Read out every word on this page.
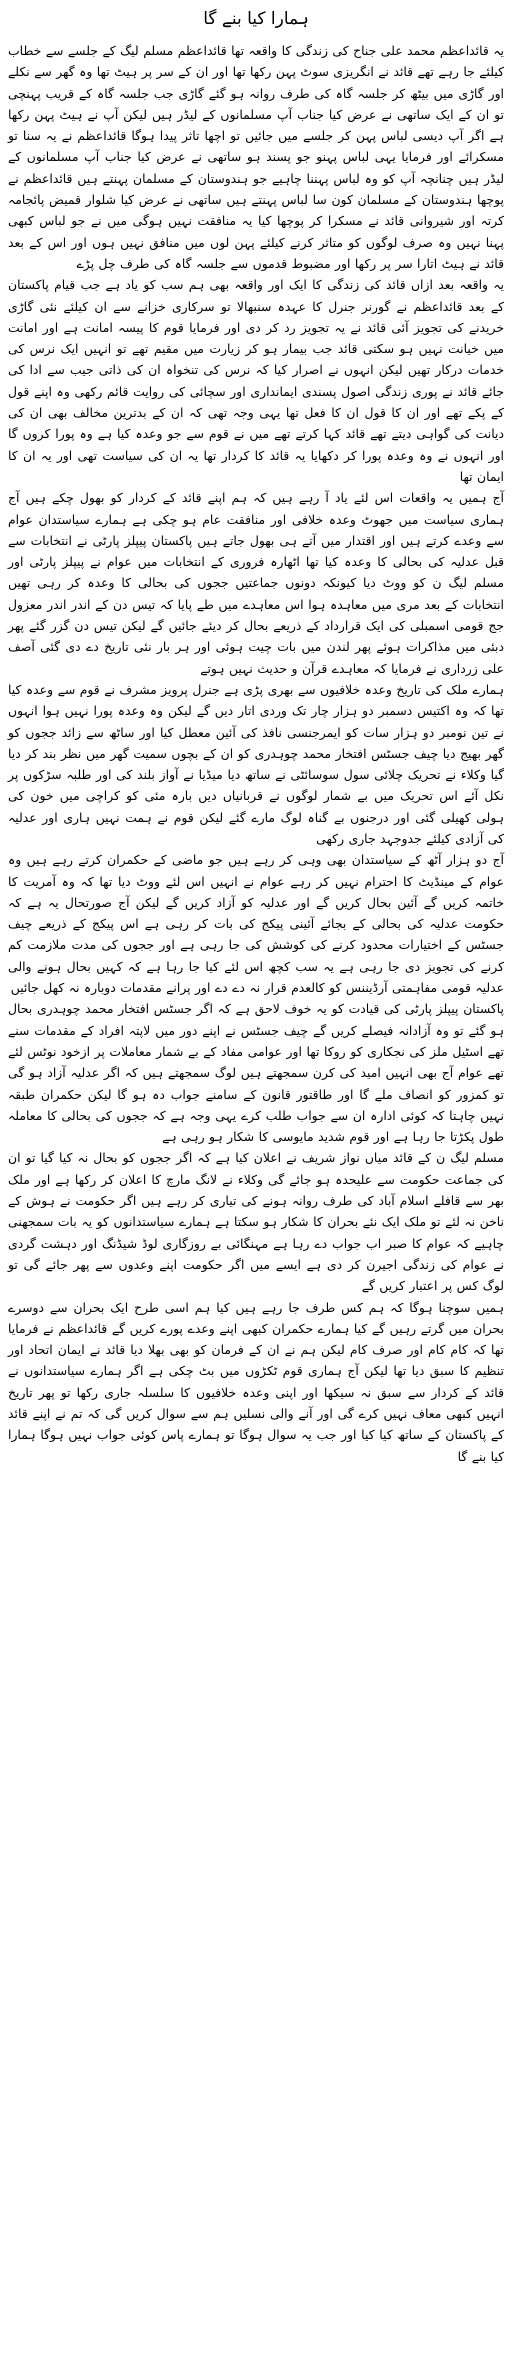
ہمارا کیا بنے گا

یہ قائداعظم محمد علی جناح کی زندگی کا واقعہ تھا قائداعظم مسلم لیگ کے جلسے سے خطاب کیلئے جا رہے تھے قائد نے انگریزی سوٹ پہن رکھا تھا اور ان کے سر پر ہیٹ تھا وہ گھر سے نکلے اور گاڑی میں بیٹھ کر جلسہ گاہ کی طرف روانہ ہو گئے گاڑی جب جلسہ گاہ کے قریب پہنچی تو ان کے ایک ساتھی نے عرض کیا جناب آپ مسلمانوں کے لیڈر ہیں لیکن آپ نے ہیٹ پہن رکھا ہے اگر آپ دیسی لباس پہن کر جلسے میں جائیں تو اچھا تاثر پیدا ہوگا قائداعظم نے یہ سنا تو مسکرائے اور فرمایا یہی لباس پہنو جو پسند ہو ساتھی نے عرض کیا جناب آپ مسلمانوں کے لیڈر ہیں چنانچہ آپ کو وہ لباس پہننا چاہیے جو ہندوستان کے مسلمان پہنتے ہیں قائداعظم نے پوچھا ہندوستان کے مسلمان کون سا لباس پہنتے ہیں ساتھی نے عرض کیا شلوار قمیض پائجامہ کرتہ اور شیروانی قائد نے مسکرا کر پوچھا کیا یہ منافقت نہیں ہوگی میں نے جو لباس کبھی پہنا نہیں وہ صرف لوگوں کو متاثر کرنے کیلئے پہن لوں میں منافق نہیں ہوں اور اس کے بعد قائد نے ہیٹ اتارا سر پر رکھا اور مضبوط قدموں سے جلسہ گاہ کی طرف چل پڑے

یہ واقعہ بعد ازاں قائد کی زندگی کا ایک اور واقعہ بھی ہم سب کو یاد ہے جب قیام پاکستان کے بعد قائداعظم نے گورنر جنرل کا عہدہ سنبھالا تو سرکاری خزانے سے ان کیلئے نئی گاڑی خریدنے کی تجویز آئی قائد نے یہ تجویز رد کر دی اور فرمایا قوم کا پیسہ امانت ہے اور امانت میں خیانت نہیں ہو سکتی قائد جب بیمار ہو کر زیارت میں مقیم تھے تو انہیں ایک نرس کی خدمات درکار تھیں لیکن انہوں نے اصرار کیا کہ نرس کی تنخواہ ان کی ذاتی جیب سے ادا کی جائے قائد نے پوری زندگی اصول پسندی ایمانداری اور سچائی کی روایت قائم رکھی وہ اپنے قول کے پکے تھے اور ان کا قول ان کا فعل تھا یہی وجہ تھی کہ ان کے بدترین مخالف بھی ان کی دیانت کی گواہی دیتے تھے قائد کہا کرتے تھے میں نے قوم سے جو وعدہ کیا ہے وہ پورا کروں گا اور انہوں نے وہ وعدہ پورا کر دکھایا یہ قائد کا کردار تھا یہ ان کی سیاست تھی اور یہ ان کا ایمان تھا

آج ہمیں یہ واقعات اس لئے یاد آ رہے ہیں کہ ہم اپنے قائد کے کردار کو بھول چکے ہیں آج ہماری سیاست میں جھوٹ وعدہ خلافی اور منافقت عام ہو چکی ہے ہمارے سیاستدان عوام سے وعدے کرتے ہیں اور اقتدار میں آتے ہی بھول جاتے ہیں پاکستان پیپلز پارٹی نے انتخابات سے قبل عدلیہ کی بحالی کا وعدہ کیا تھا اٹھارہ فروری کے انتخابات میں عوام نے پیپلز پارٹی اور مسلم لیگ ن کو ووٹ دیا کیونکہ دونوں جماعتیں ججوں کی بحالی کا وعدہ کر رہی تھیں انتخابات کے بعد مری میں معاہدہ ہوا اس معاہدے میں طے پایا کہ تیس دن کے اندر اندر معزول جج قومی اسمبلی کی ایک قرارداد کے ذریعے بحال کر دیئے جائیں گے لیکن تیس دن گزر گئے پھر دبئی میں مذاکرات ہوئے پھر لندن میں بات چیت ہوئی اور ہر بار نئی تاریخ دے دی گئی آصف علی زرداری نے فرمایا کہ معاہدے قرآن و حدیث نہیں ہوتے

ہمارے ملک کی تاریخ وعدہ خلافیوں سے بھری پڑی ہے جنرل پرویز مشرف نے قوم سے وعدہ کیا تھا کہ وہ اکتیس دسمبر دو ہزار چار تک وردی اتار دیں گے لیکن وہ وعدہ پورا نہیں ہوا انہوں نے تین نومبر دو ہزار سات کو ایمرجنسی نافذ کی آئین معطل کیا اور ساٹھ سے زائد ججوں کو گھر بھیج دیا چیف جسٹس افتخار محمد چوہدری کو ان کے بچوں سمیت گھر میں نظر بند کر دیا گیا وکلاء نے تحریک چلائی سول سوسائٹی نے ساتھ دیا میڈیا نے آواز بلند کی اور طلبہ سڑکوں پر نکل آئے اس تحریک میں بے شمار لوگوں نے قربانیاں دیں بارہ مئی کو کراچی میں خون کی ہولی کھیلی گئی اور درجنوں بے گناہ لوگ مارے گئے لیکن قوم نے ہمت نہیں ہاری اور عدلیہ کی آزادی کیلئے جدوجہد جاری رکھی

آج دو ہزار آٹھ کے سیاستدان بھی وہی کر رہے ہیں جو ماضی کے حکمران کرتے رہے ہیں وہ عوام کے مینڈیٹ کا احترام نہیں کر رہے عوام نے انہیں اس لئے ووٹ دیا تھا کہ وہ آمریت کا خاتمہ کریں گے آئین بحال کریں گے اور عدلیہ کو آزاد کریں گے لیکن آج صورتحال یہ ہے کہ حکومت عدلیہ کی بحالی کے بجائے آئینی پیکج کی بات کر رہی ہے اس پیکج کے ذریعے چیف جسٹس کے اختیارات محدود کرنے کی کوشش کی جا رہی ہے اور ججوں کی مدت ملازمت کم کرنے کی تجویز دی جا رہی ہے یہ سب کچھ اس لئے کیا جا رہا ہے کہ کہیں بحال ہونے والی عدلیہ قومی مفاہمتی آرڈیننس کو کالعدم قرار نہ دے دے اور پرانے مقدمات دوبارہ نہ کھل جائیں

پاکستان پیپلز پارٹی کی قیادت کو یہ خوف لاحق ہے کہ اگر جسٹس افتخار محمد چوہدری بحال ہو گئے تو وہ آزادانہ فیصلے کریں گے چیف جسٹس نے اپنے دور میں لاپتہ افراد کے مقدمات سنے تھے اسٹیل ملز کی نجکاری کو روکا تھا اور عوامی مفاد کے بے شمار معاملات پر ازخود نوٹس لئے تھے عوام آج بھی انہیں امید کی کرن سمجھتے ہیں لوگ سمجھتے ہیں کہ اگر عدلیہ آزاد ہو گی تو کمزور کو انصاف ملے گا اور طاقتور قانون کے سامنے جواب دہ ہو گا لیکن حکمران طبقہ نہیں چاہتا کہ کوئی ادارہ ان سے جواب طلب کرے یہی وجہ ہے کہ ججوں کی بحالی کا معاملہ طول پکڑتا جا رہا ہے اور قوم شدید مایوسی کا شکار ہو رہی ہے

مسلم لیگ ن کے قائد میاں نواز شریف نے اعلان کیا ہے کہ اگر ججوں کو بحال نہ کیا گیا تو ان کی جماعت حکومت سے علیحدہ ہو جائے گی وکلاء نے لانگ مارچ کا اعلان کر رکھا ہے اور ملک بھر سے قافلے اسلام آباد کی طرف روانہ ہونے کی تیاری کر رہے ہیں اگر حکومت نے ہوش کے ناخن نہ لئے تو ملک ایک نئے بحران کا شکار ہو سکتا ہے ہمارے سیاستدانوں کو یہ بات سمجھنی چاہیے کہ عوام کا صبر اب جواب دے رہا ہے مہنگائی بے روزگاری لوڈ شیڈنگ اور دہشت گردی نے عوام کی زندگی اجیرن کر دی ہے ایسے میں اگر حکومت اپنے وعدوں سے پھر جائے گی تو لوگ کس پر اعتبار کریں گے

ہمیں سوچنا ہوگا کہ ہم کس طرف جا رہے ہیں کیا ہم اسی طرح ایک بحران سے دوسرے بحران میں گرتے رہیں گے کیا ہمارے حکمران کبھی اپنے وعدے پورے کریں گے قائداعظم نے فرمایا تھا کہ کام کام اور صرف کام لیکن ہم نے ان کے فرمان کو بھی بھلا دیا قائد نے ایمان اتحاد اور تنظیم کا سبق دیا تھا لیکن آج ہماری قوم ٹکڑوں میں بٹ چکی ہے اگر ہمارے سیاستدانوں نے قائد کے کردار سے سبق نہ سیکھا اور اپنی وعدہ خلافیوں کا سلسلہ جاری رکھا تو پھر تاریخ انہیں کبھی معاف نہیں کرے گی اور آنے والی نسلیں ہم سے سوال کریں گی کہ تم نے اپنے قائد کے پاکستان کے ساتھ کیا کیا اور جب یہ سوال ہوگا تو ہمارے پاس کوئی جواب نہیں ہوگا ہمارا کیا بنے گا
